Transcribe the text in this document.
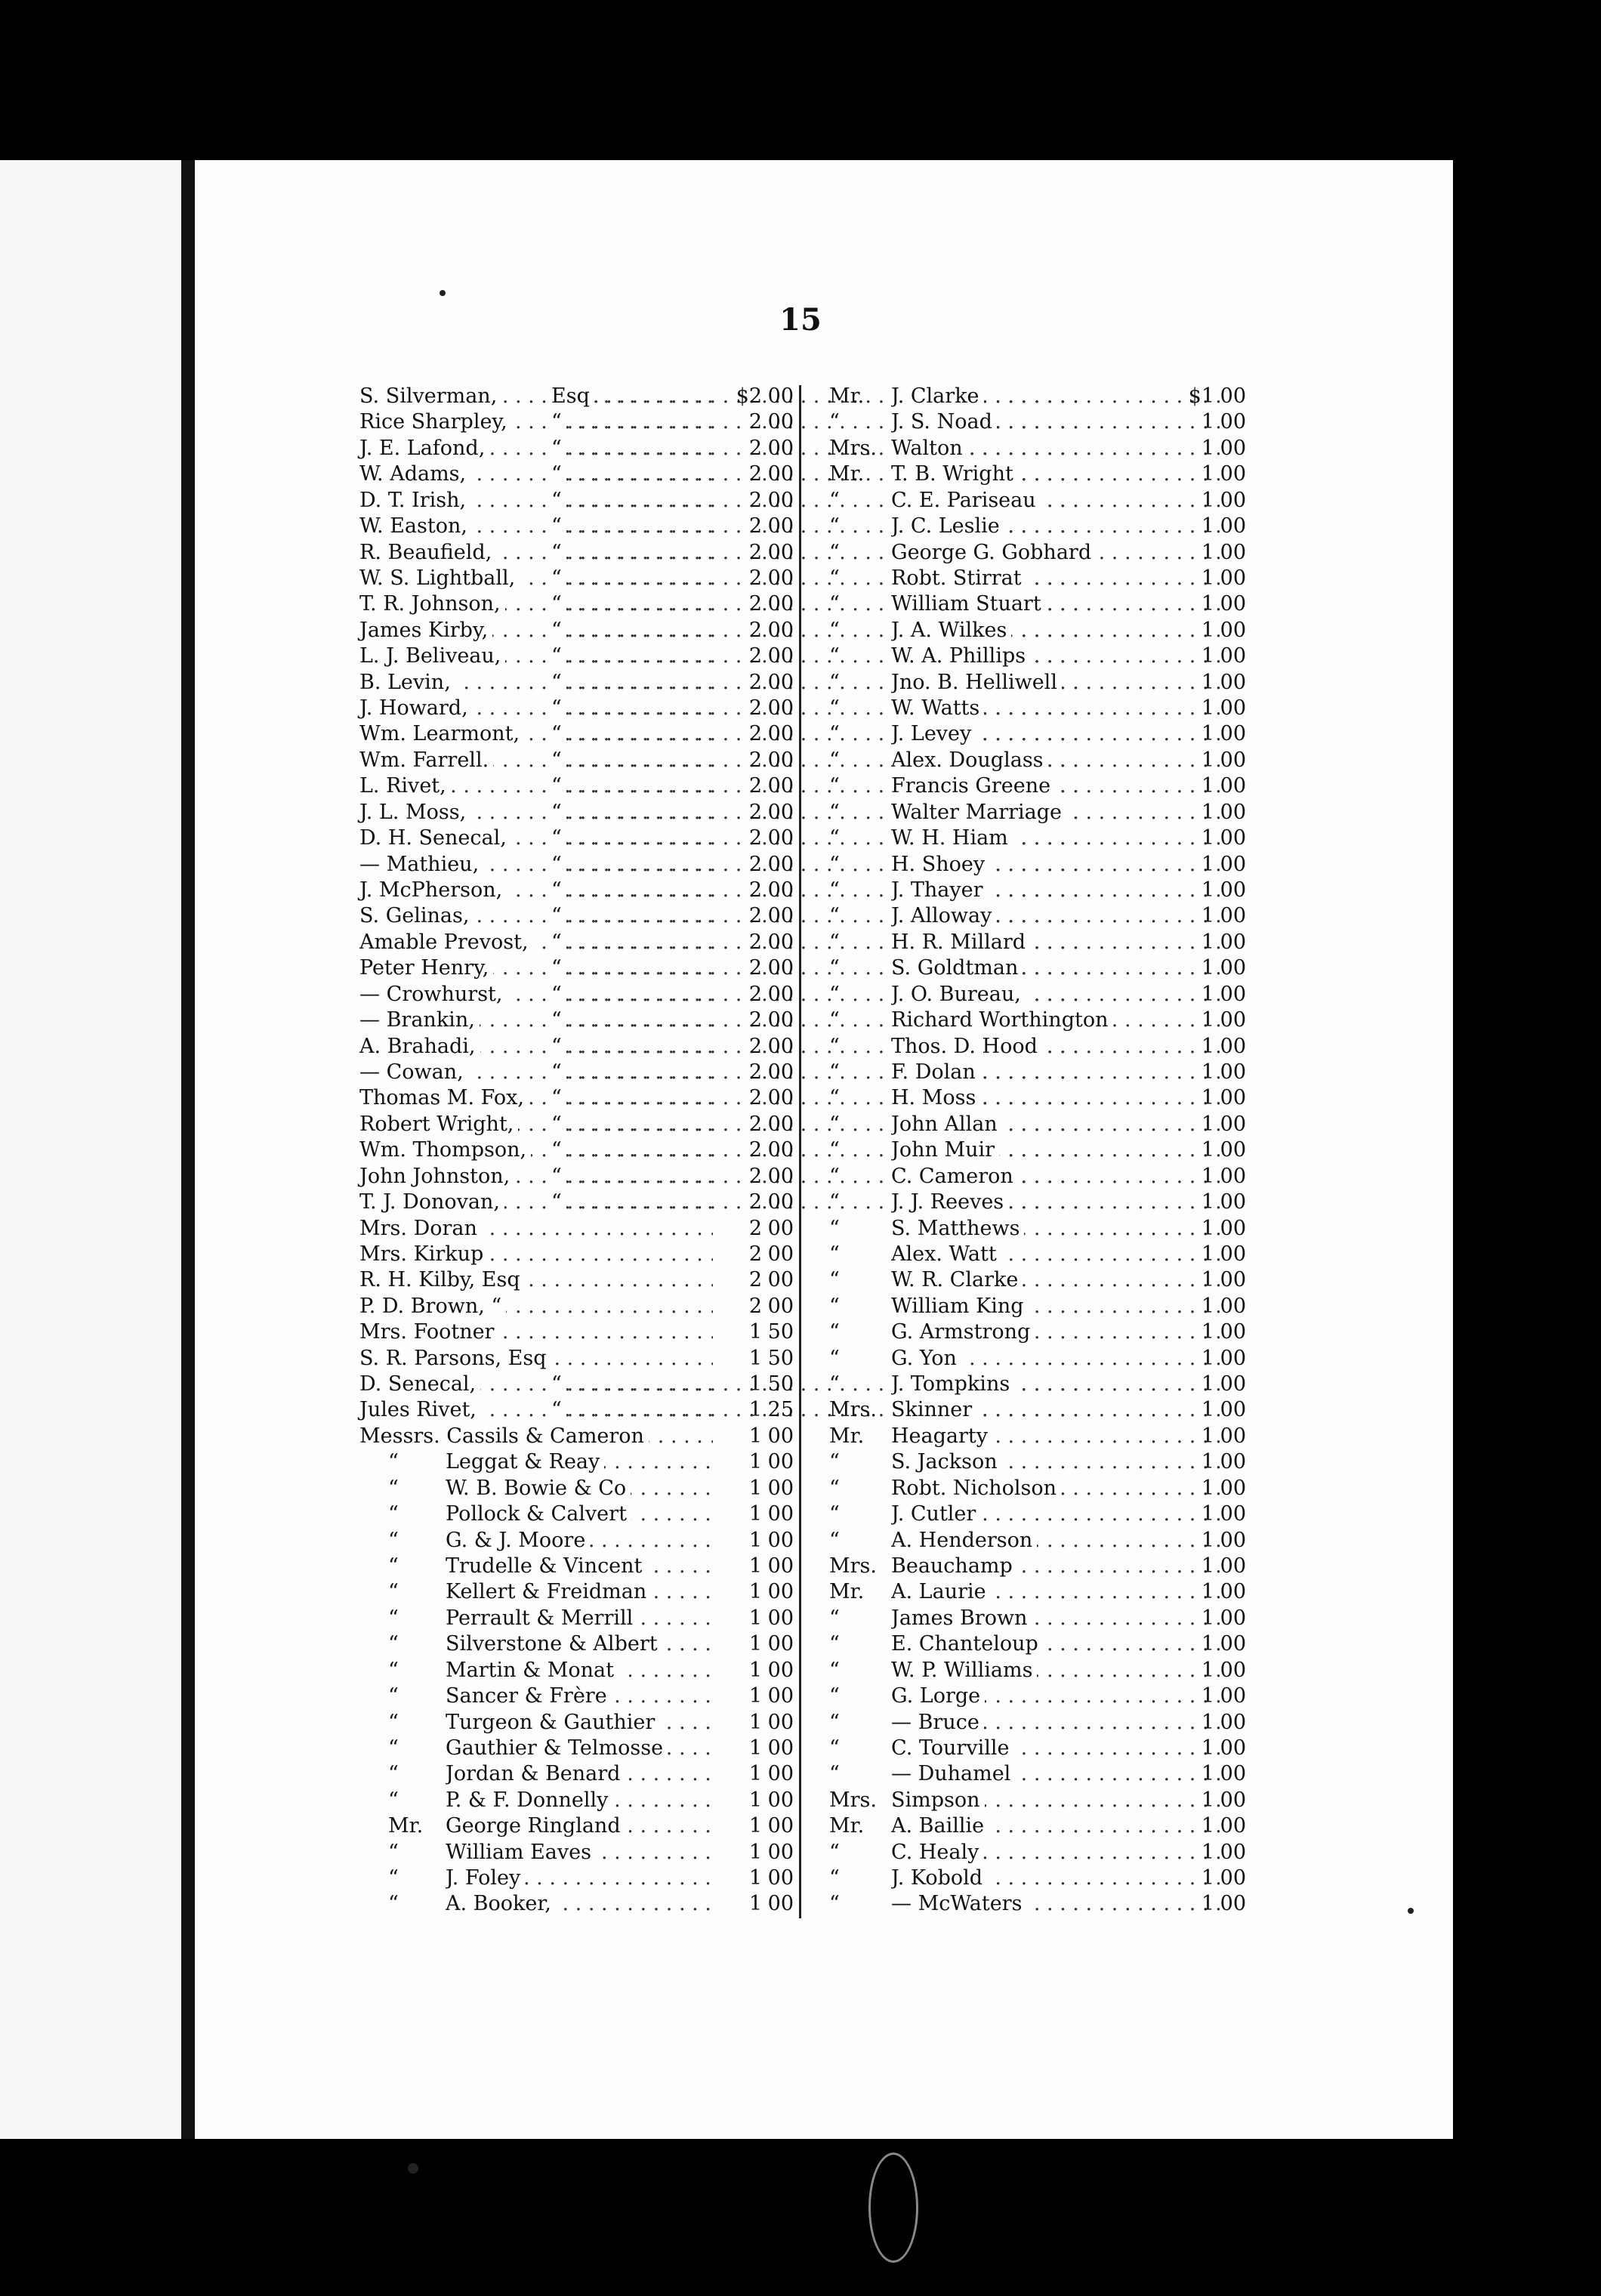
15
S. Silverman, . . .	Esq . . .	$2 00
Rice Sharpley, . . . “ . . .	2 00
J. E. Lafond, . . .	“ . . .	2 00
W. Adams, . . .	“ . . .	2 00
D. T. Irish, . . .	“ . . .	2 00
W. Easton, . . .	“ . . .	2 00
R. Beaufield, . . .	“ . . .	2 00
W. S. Lightball, . . . “ . . .	2 00
T. R. Johnson, . . . “ . . .	2 00
James Kirby, . . .	“ . . .	2 00
L. J. Beliveau, . . . “ . . .	2 00
B. Levin, . . .	“ . . .	2 00
J. Howard, . . .	“ . . .	2 00
Wm. Learmont, . . . “ . . .	2 00
Wm. Farrell. . . .	“ . . .	2 00
L. Rivet, . . .	“ . . .	2 00
J. L. Moss, . . .	“ . . .	2 00
D. H. Senecal, . . . “ . . .	2 00
— Mathieu, . . .	“ . . .	2 00
J. McPherson, . . . “ . . .	2 00
S. Gelinas, . . .	“ . . .	2 00
Amable Prevost, . . . “ . . .	2 00
Peter Henry, . . .	“ . . .	2 00
— Crowhurst, . . . “ . . .	2 00
— Brankin, . . .	“ . . .	2 00
A. Brahadi, . . .	“ . . .	2 00
— Cowan, . . .	“ . . .	2 00
Thomas M. Fox, . . . “ . . .	2 00
Robert Wright, . . . “ . . .	2 00
Wm. Thompson, . . . “ . . .	2 00
John Johnston, . . . “ . . .	2 00
T. J. Donovan, . . .	“ . . .	2 00
Mrs. Doran . . .	2 00
Mrs. Kirkup . . .	2 00
R. H. Kilby, Esq . . .	2 00
P. D. Brown, “ . . .	2 00
Mrs. Footner . . .	1 50
S. R. Parsons, Esq . . .	1 50
D. Senecal, . . .	“ . . .	1 50
Jules Rivet, . . .	“ . . .	1 25
Messrs. Cassils & Cameron . . .	1 00
“ Leggat & Reay . . .	1 00
“ W. B. Bowie & Co . . .	1 00
“ Pollock & Calvert . . .	1 00
“ G. & J. Moore . . .	1 00
“ Trudelle & Vincent . . .	1 00
“ Kellert & Freidman . . .	1 00
“ Perrault & Merrill . . .	1 00
“ Silverstone & Albert . . .	1 00
“ Martin & Monat . . .	1 00
“ Sancer & Frère . . .	1 00
“ Turgeon & Gauthier . . .	1 00
“ Gauthier & Telmosse . . .	1 00
“ Jordan & Benard . . .	1 00
“ P. & F. Donnelly . . .	1 00
Mr. George Ringland . . .	1 00
“ William Eaves . . .	1 00
“ J. Foley . . .	1 00
“ A. Booker, . . .	1 00
Mr. J. Clarke . . .	$1 00
“	J. S. Noad . . .	1 00
Mrs. Walton . . .	1 00
Mr. T. B. Wright . . .	1 00
“	C. E. Pariseau . . .	1 00
“	J. C. Leslie . . .	1 00
“	George G. Gobhard . . .	1 00
“	Robt. Stirrat . . .	1 00
“	William Stuart . . .	1 00
“	J. A. Wilkes . . .	1 00
“	W. A. Phillips . . .	1 00
“	Jno. B. Helliwell . . .	1 00
“	W. Watts . . .	1 00
“	J. Levey . . .	1 00
“	Alex. Douglass . . .	1 00
“	Francis Greene . . .	1 00
“	Walter Marriage . . .	1 00
“	W. H. Hiam . . .	1 00
“	H. Shoey . . .	1 00
“	J. Thayer . . .	1 00
“	J. Alloway . . .	1 00
“	H. R. Millard . . .	1 00
“	S. Goldtman . . .	1 00
“	J. O. Bureau, . . .	1 00
“	Richard Worthington . . .	1 00
“	Thos. D. Hood . . .	1 00
“	F. Dolan . . .	1 00
“	H. Moss . . .	1 00
“	John Allan . . .	1 00
“	John Muir . . .	1 00
“	C. Cameron . . .	1 00
“	J. J. Reeves . . .	1 00
“	S. Matthews . . .	1 00
“	Alex. Watt . . .	1 00
“	W. R. Clarke . . .	1 00
“	William King . . .	1 00
“	G. Armstrong . . .	1 00
“	G. Yon . . .	1 00
“	J. Tompkins . . .	1 00
Mrs. Skinner . . .	1 00
Mr. Heagarty . . .	1 00
“	S. Jackson . . .	1 00
“	Robt. Nicholson . . .	1 00
“	J. Cutler . . .	1 00
“	A. Henderson . . .	1 00
Mrs. Beauchamp . . .	1 00
Mr. A. Laurie . . .	1 00
“	James Brown . . .	1 00
“	E. Chanteloup . . .	1 00
“	W. P. Williams . . .	1 00
“	G. Lorge . . .	1 00
“	— Bruce . . .	1 00
“	C. Tourville . . .	1 00
“	— Duhamel . . .	1 00
Mrs. Simpson . . .	1 00
Mr. A. Baillie . . .	1 00
“	C. Healy . . .	1 00
“	J. Kobold . . .	1 00
“	— McWaters . . .	1 00
